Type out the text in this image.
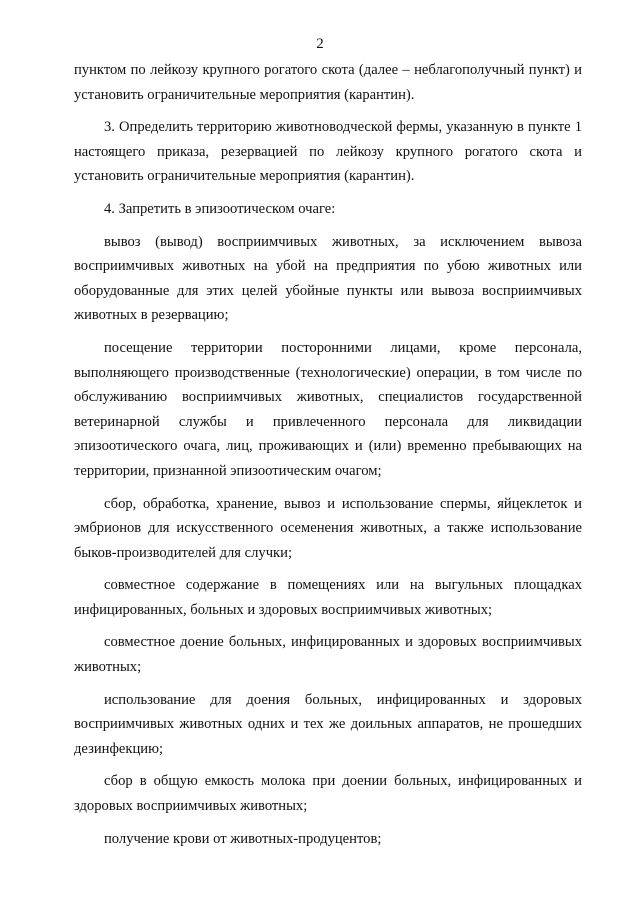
2

пунктом по лейкозу крупного рогатого скота (далее – неблагополучный пункт) и установить ограничительные мероприятия (карантин).

3. Определить территорию животноводческой фермы, указанную в пункте 1 настоящего приказа, резервацией по лейкозу крупного рогатого скота и установить ограничительные мероприятия (карантин).

4. Запретить в эпизоотическом очаге:

вывоз (вывод) восприимчивых животных, за исключением вывоза восприимчивых животных на убой на предприятия по убою животных или оборудованные для этих целей убойные пункты или вывоза восприимчивых животных в резервацию;

посещение территории посторонними лицами, кроме персонала, выполняющего производственные (технологические) операции, в том числе по обслуживанию восприимчивых животных, специалистов государственной ветеринарной службы и привлеченного персонала для ликвидации эпизоотического очага, лиц, проживающих и (или) временно пребывающих на территории, признанной эпизоотическим очагом;

сбор, обработка, хранение, вывоз и использование спермы, яйцеклеток и эмбрионов для искусственного осеменения животных, а также использование быков-производителей для случки;

совместное содержание в помещениях или на выгульных площадках инфицированных, больных и здоровых восприимчивых животных;

совместное доение больных, инфицированных и здоровых восприимчивых животных;

использование для доения больных, инфицированных и здоровых восприимчивых животных одних и тех же доильных аппаратов, не прошедших дезинфекцию;

сбор в общую емкость молока при доении больных, инфицированных и здоровых восприимчивых животных;

получение крови от животных-продуцентов;
